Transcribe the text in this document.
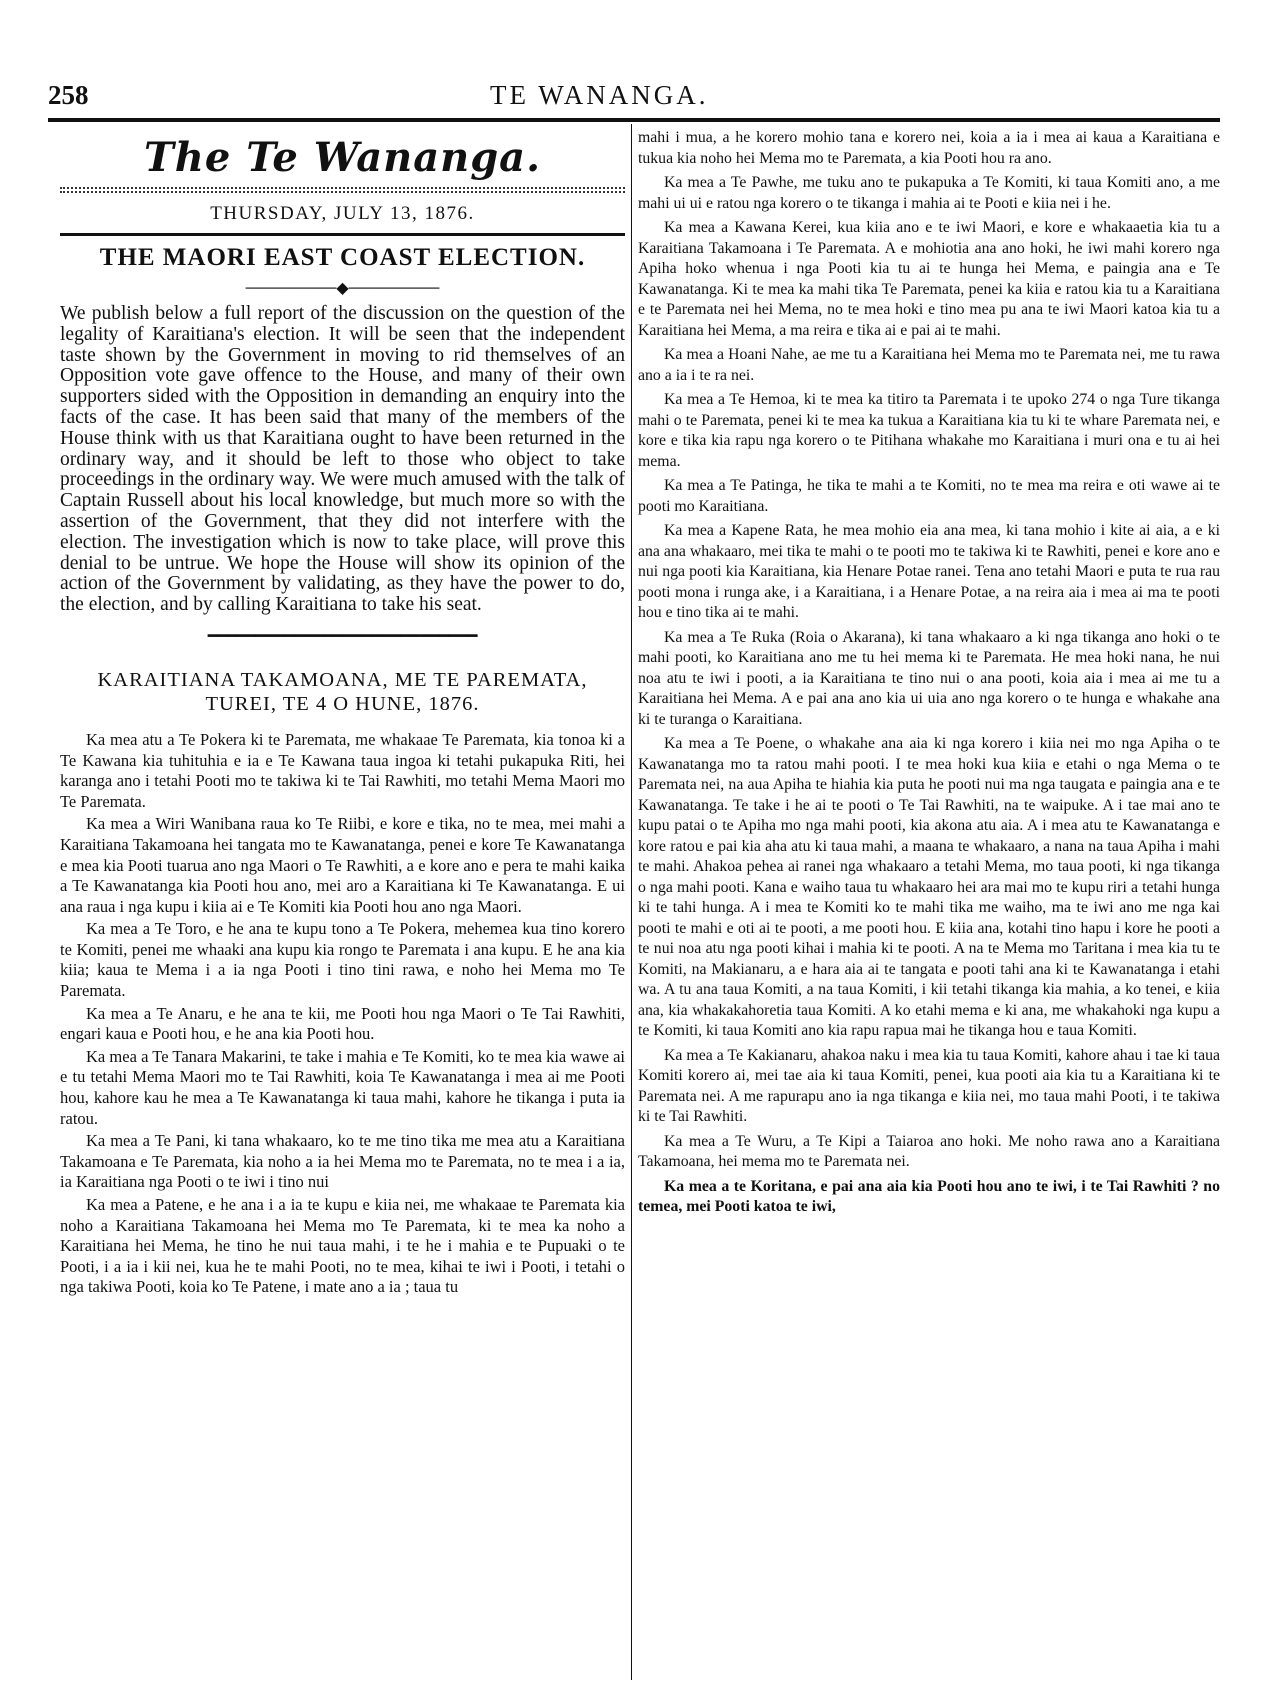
258	TE WANANGA.
The Te Wananga.
THURSDAY, JULY 13, 1876.
THE MAORI EAST COAST ELECTION.
────────◆────────

We publish below a full report of the discussion on the question of the legality of Karaitiana's election. It will be seen that the independent taste shown by the Government in moving to rid themselves of an Opposition vote gave offence to the House, and many of their own supporters sided with the Opposition in demanding an enquiry into the facts of the case. It has been said that many of the members of the House think with us that Karaitiana ought to have been returned in the ordinary way, and it should be left to those who object to take proceedings in the ordinary way. We were much amused with the talk of Captain Russell about his local knowledge, but much more so with the assertion of the Government, that they did not interfere with the election. The investigation which is now to take place, will prove this denial to be untrue. We hope the House will show its opinion of the action of the Government by validating, as they have the power to do, the election, and by calling Karaitiana to take his seat.

━━━━━━━━━━━━━━━━━━━━━━━━━━━━
KARAITIANA TAKAMOANA, ME TE PAREMATA,
TUREI, TE 4 O HUNE, 1876.

Ka mea atu a Te Pokera ki te Paremata, me whakaae Te Paremata, kia tonoa ki a Te Kawana kia tuhituhia e ia e Te Kawana taua ingoa ki tetahi pukapuka Riti, hei karanga ano i tetahi Pooti mo te takiwa ki te Tai Rawhiti, mo tetahi Mema Maori mo Te Paremata.

Ka mea a Wiri Wanibana raua ko Te Riibi, e kore e tika, no te mea, mei mahi a Karaitiana Takamoana hei tangata mo te Kawanatanga, penei e kore Te Kawanatanga e mea kia Pooti tuarua ano nga Maori o Te Rawhiti, a e kore ano e pera te mahi kaika a Te Kawanatanga kia Pooti hou ano, mei aro a Karaitiana ki Te Kawanatanga. E ui ana raua i nga kupu i kiia ai e Te Komiti kia Pooti hou ano nga Maori.

Ka mea a Te Toro, e he ana te kupu tono a Te Pokera, mehemea kua tino korero te Komiti, penei me whaaki ana kupu kia rongo te Paremata i ana kupu. E he ana kia kiia; kaua te Mema i a ia nga Pooti i tino tini rawa, e noho hei Mema mo Te Paremata.

Ka mea a Te Anaru, e he ana te kii, me Pooti hou nga Maori o Te Tai Rawhiti, engari kaua e Pooti hou, e he ana kia Pooti hou.

Ka mea a Te Tanara Makarini, te take i mahia e Te Komiti, ko te mea kia wawe ai e tu tetahi Mema Maori mo te Tai Rawhiti, koia Te Kawanatanga i mea ai me Pooti hou, kahore kau he mea a Te Kawanatanga ki taua mahi, kahore he tikanga i puta ia ratou.

Ka mea a Te Pani, ki tana whakaaro, ko te me tino tika me mea atu a Karaitiana Takamoana e Te Paremata, kia noho a ia hei Mema mo te Paremata, no te mea i a ia, ia Karaitiana nga Pooti o te iwi i tino nui

Ka mea a Patene, e he ana i a ia te kupu e kiia nei, me whakaae te Paremata kia noho a Karaitiana Takamoana hei Mema mo Te Paremata, ki te mea ka noho a Karaitiana hei Mema, he tino he nui taua mahi, i te he i mahia e te Pupuaki o te Pooti, i a ia i kii nei, kua he te mahi Pooti, no te mea, kihai te iwi i Pooti, i tetahi o nga takiwa Pooti, koia ko Te Patene, i mate ano a ia ; taua tu

mahi i mua, a he korero mohio tana e korero nei, koia a ia i mea ai kaua a Karaitiana e tukua kia noho hei Mema mo te Paremata, a kia Pooti hou ra ano.

Ka mea a Te Pawhe, me tuku ano te pukapuka a Te Komiti, ki taua Komiti ano, a me mahi ui ui e ratou nga korero o te tikanga i mahia ai te Pooti e kiia nei i he.

Ka mea a Kawana Kerei, kua kiia ano e te iwi Maori, e kore e whakaaetia kia tu a Karaitiana Takamoana i Te Paremata. A e mohiotia ana ano hoki, he iwi mahi korero nga Apiha hoko whenua i nga Pooti kia tu ai te hunga hei Mema, e paingia ana e Te Kawanatanga. Ki te mea ka mahi tika Te Paremata, penei ka kiia e ratou kia tu a Karaitiana e te Paremata nei hei Mema, no te mea hoki e tino mea pu ana te iwi Maori katoa kia tu a Karaitiana hei Mema, a ma reira e tika ai e pai ai te mahi.

Ka mea a Hoani Nahe, ae me tu a Karaitiana hei Mema mo te Paremata nei, me tu rawa ano a ia i te ra nei.

Ka mea a Te Hemoa, ki te mea ka titiro ta Paremata i te upoko 274 o nga Ture tikanga mahi o te Paremata, penei ki te mea ka tukua a Karaitiana kia tu ki te whare Paremata nei, e kore e tika kia rapu nga korero o te Pitihana whakahe mo Karaitiana i muri ona e tu ai hei mema.

Ka mea a Te Patinga, he tika te mahi a te Komiti, no te mea ma reira e oti wawe ai te pooti mo Karaitiana.

Ka mea a Kapene Rata, he mea mohio eia ana mea, ki tana mohio i kite ai aia, a e ki ana ana whakaaro, mei tika te mahi o te pooti mo te takiwa ki te Rawhiti, penei e kore ano e nui nga pooti kia Karaitiana, kia Henare Potae ranei. Tena ano tetahi Maori e puta te rua rau pooti mona i runga ake, i a Karaitiana, i a Henare Potae, a na reira aia i mea ai ma te pooti hou e tino tika ai te mahi.

Ka mea a Te Ruka (Roia o Akarana), ki tana whakaaro a ki nga tikanga ano hoki o te mahi pooti, ko Karaitiana ano me tu hei mema ki te Paremata. He mea hoki nana, he nui noa atu te iwi i pooti, a ia Karaitiana te tino nui o ana pooti, koia aia i mea ai me tu a Karaitiana hei Mema. A e pai ana ano kia ui uia ano nga korero o te hunga e whakahe ana ki te turanga o Karaitiana.

Ka mea a Te Poene, o whakahe ana aia ki nga korero i kiia nei mo nga Apiha o te Kawanatanga mo ta ratou mahi pooti. I te mea hoki kua kiia e etahi o nga Mema o te Paremata nei, na aua Apiha te hiahia kia puta he pooti nui ma nga taugata e paingia ana e te Kawanatanga. Te take i he ai te pooti o Te Tai Rawhiti, na te waipuke. A i tae mai ano te kupu patai o te Apiha mo nga mahi pooti, kia akona atu aia. A i mea atu te Kawanatanga e kore ratou e pai kia aha atu ki taua mahi, a maana te whakaaro, a nana na taua Apiha i mahi te mahi. Ahakoa pehea ai ranei nga whakaaro a tetahi Mema, mo taua pooti, ki nga tikanga o nga mahi pooti. Kana e waiho taua tu whakaaro hei ara mai mo te kupu riri a tetahi hunga ki te tahi hunga. A i mea te Komiti ko te mahi tika me waiho, ma te iwi ano me nga kai pooti te mahi e oti ai te pooti, a me pooti hou. E kiia ana, kotahi tino hapu i kore he pooti a te nui noa atu nga pooti kihai i mahia ki te pooti. A na te Mema mo Taritana i mea kia tu te Komiti, na Makianaru, a e hara aia ai te tangata e pooti tahi ana ki te Kawanatanga i etahi wa. A tu ana taua Komiti, a na taua Komiti, i kii tetahi tikanga kia mahia, a ko tenei, e kiia ana, kia whakakahoretia taua Komiti. A ko etahi mema e ki ana, me whakahoki nga kupu a te Komiti, ki taua Komiti ano kia rapu rapua mai he tikanga hou e taua Komiti.

Ka mea a Te Kakianaru, ahakoa naku i mea kia tu taua Komiti, kahore ahau i tae ki taua Komiti korero ai, mei tae aia ki taua Komiti, penei, kua pooti aia kia tu a Karaitiana ki te Paremata nei. A me rapurapu ano ia nga tikanga e kiia nei, mo taua mahi Pooti, i te takiwa ki te Tai Rawhiti.

Ka mea a Te Wuru, a Te Kipi a Taiaroa ano hoki. Me noho rawa ano a Karaitiana Takamoana, hei mema mo te Paremata nei.

Ka mea a te Koritana, e pai ana aia kia Pooti hou ano te iwi, i te Tai Rawhiti ? no temea, mei Pooti katoa te iwi,
